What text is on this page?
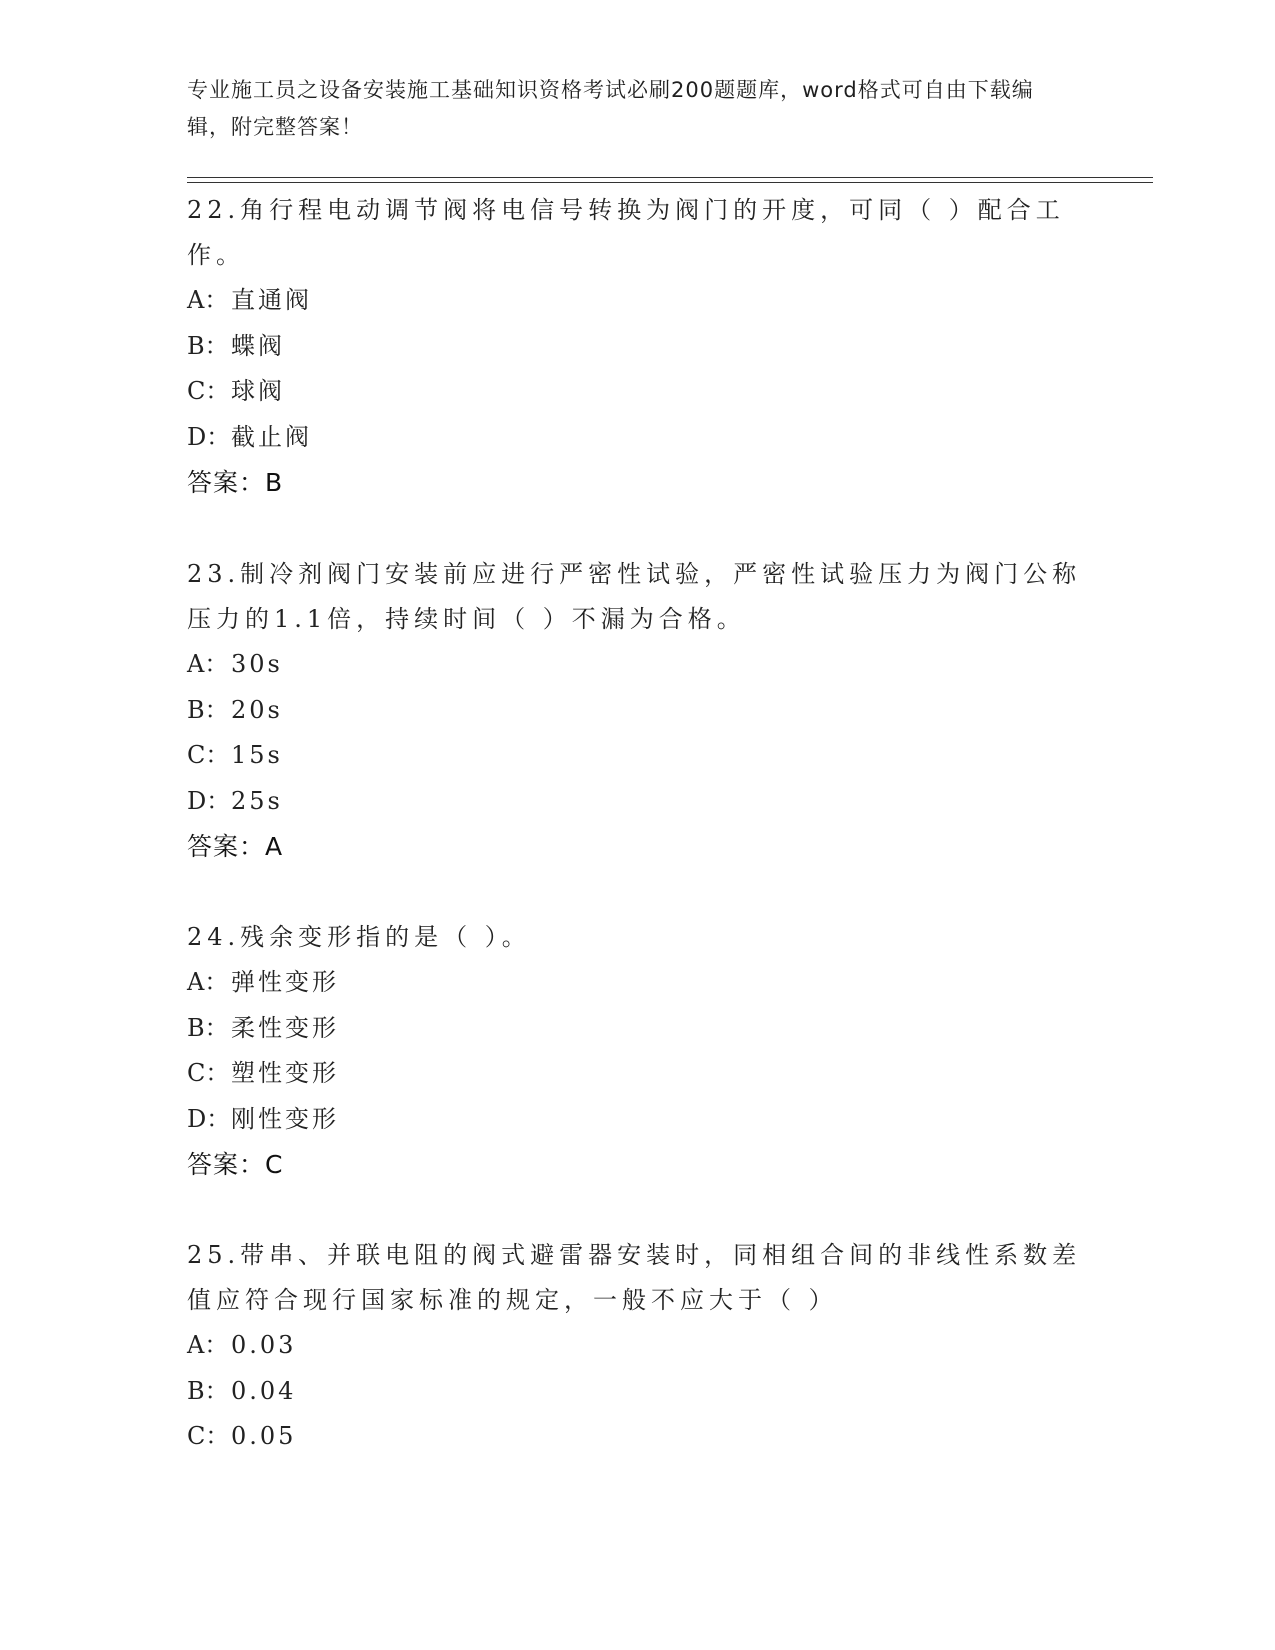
专业施工员之设备安装施工基础知识资格考试必刷200题题库，word格式可自由下载编辑，附完整答案！

22.角行程电动调节阀将电信号转换为阀门的开度，可同（ ）配合工作。

A： 直通阀

B：蝶阀

C：球阀

D：截止阀

答案：B

23.制冷剂阀门安装前应进行严密性试验，严密性试验压力为阀门公称压力的1.1倍，持续时间（ ）不漏为合格。

A： 30s

B：20s

C：15s

D：25s

答案：A

24.残余变形指的是（ ）。

A： 弹性变形

B：柔性变形

C：塑性变形

D：刚性变形

答案：C

25.带串、并联电阻的阀式避雷器安装时，同相组合间的非线性系数差值应符合现行国家标准的规定，一般不应大于（ ）

A： 0.03

B：0.04

C：0.05
